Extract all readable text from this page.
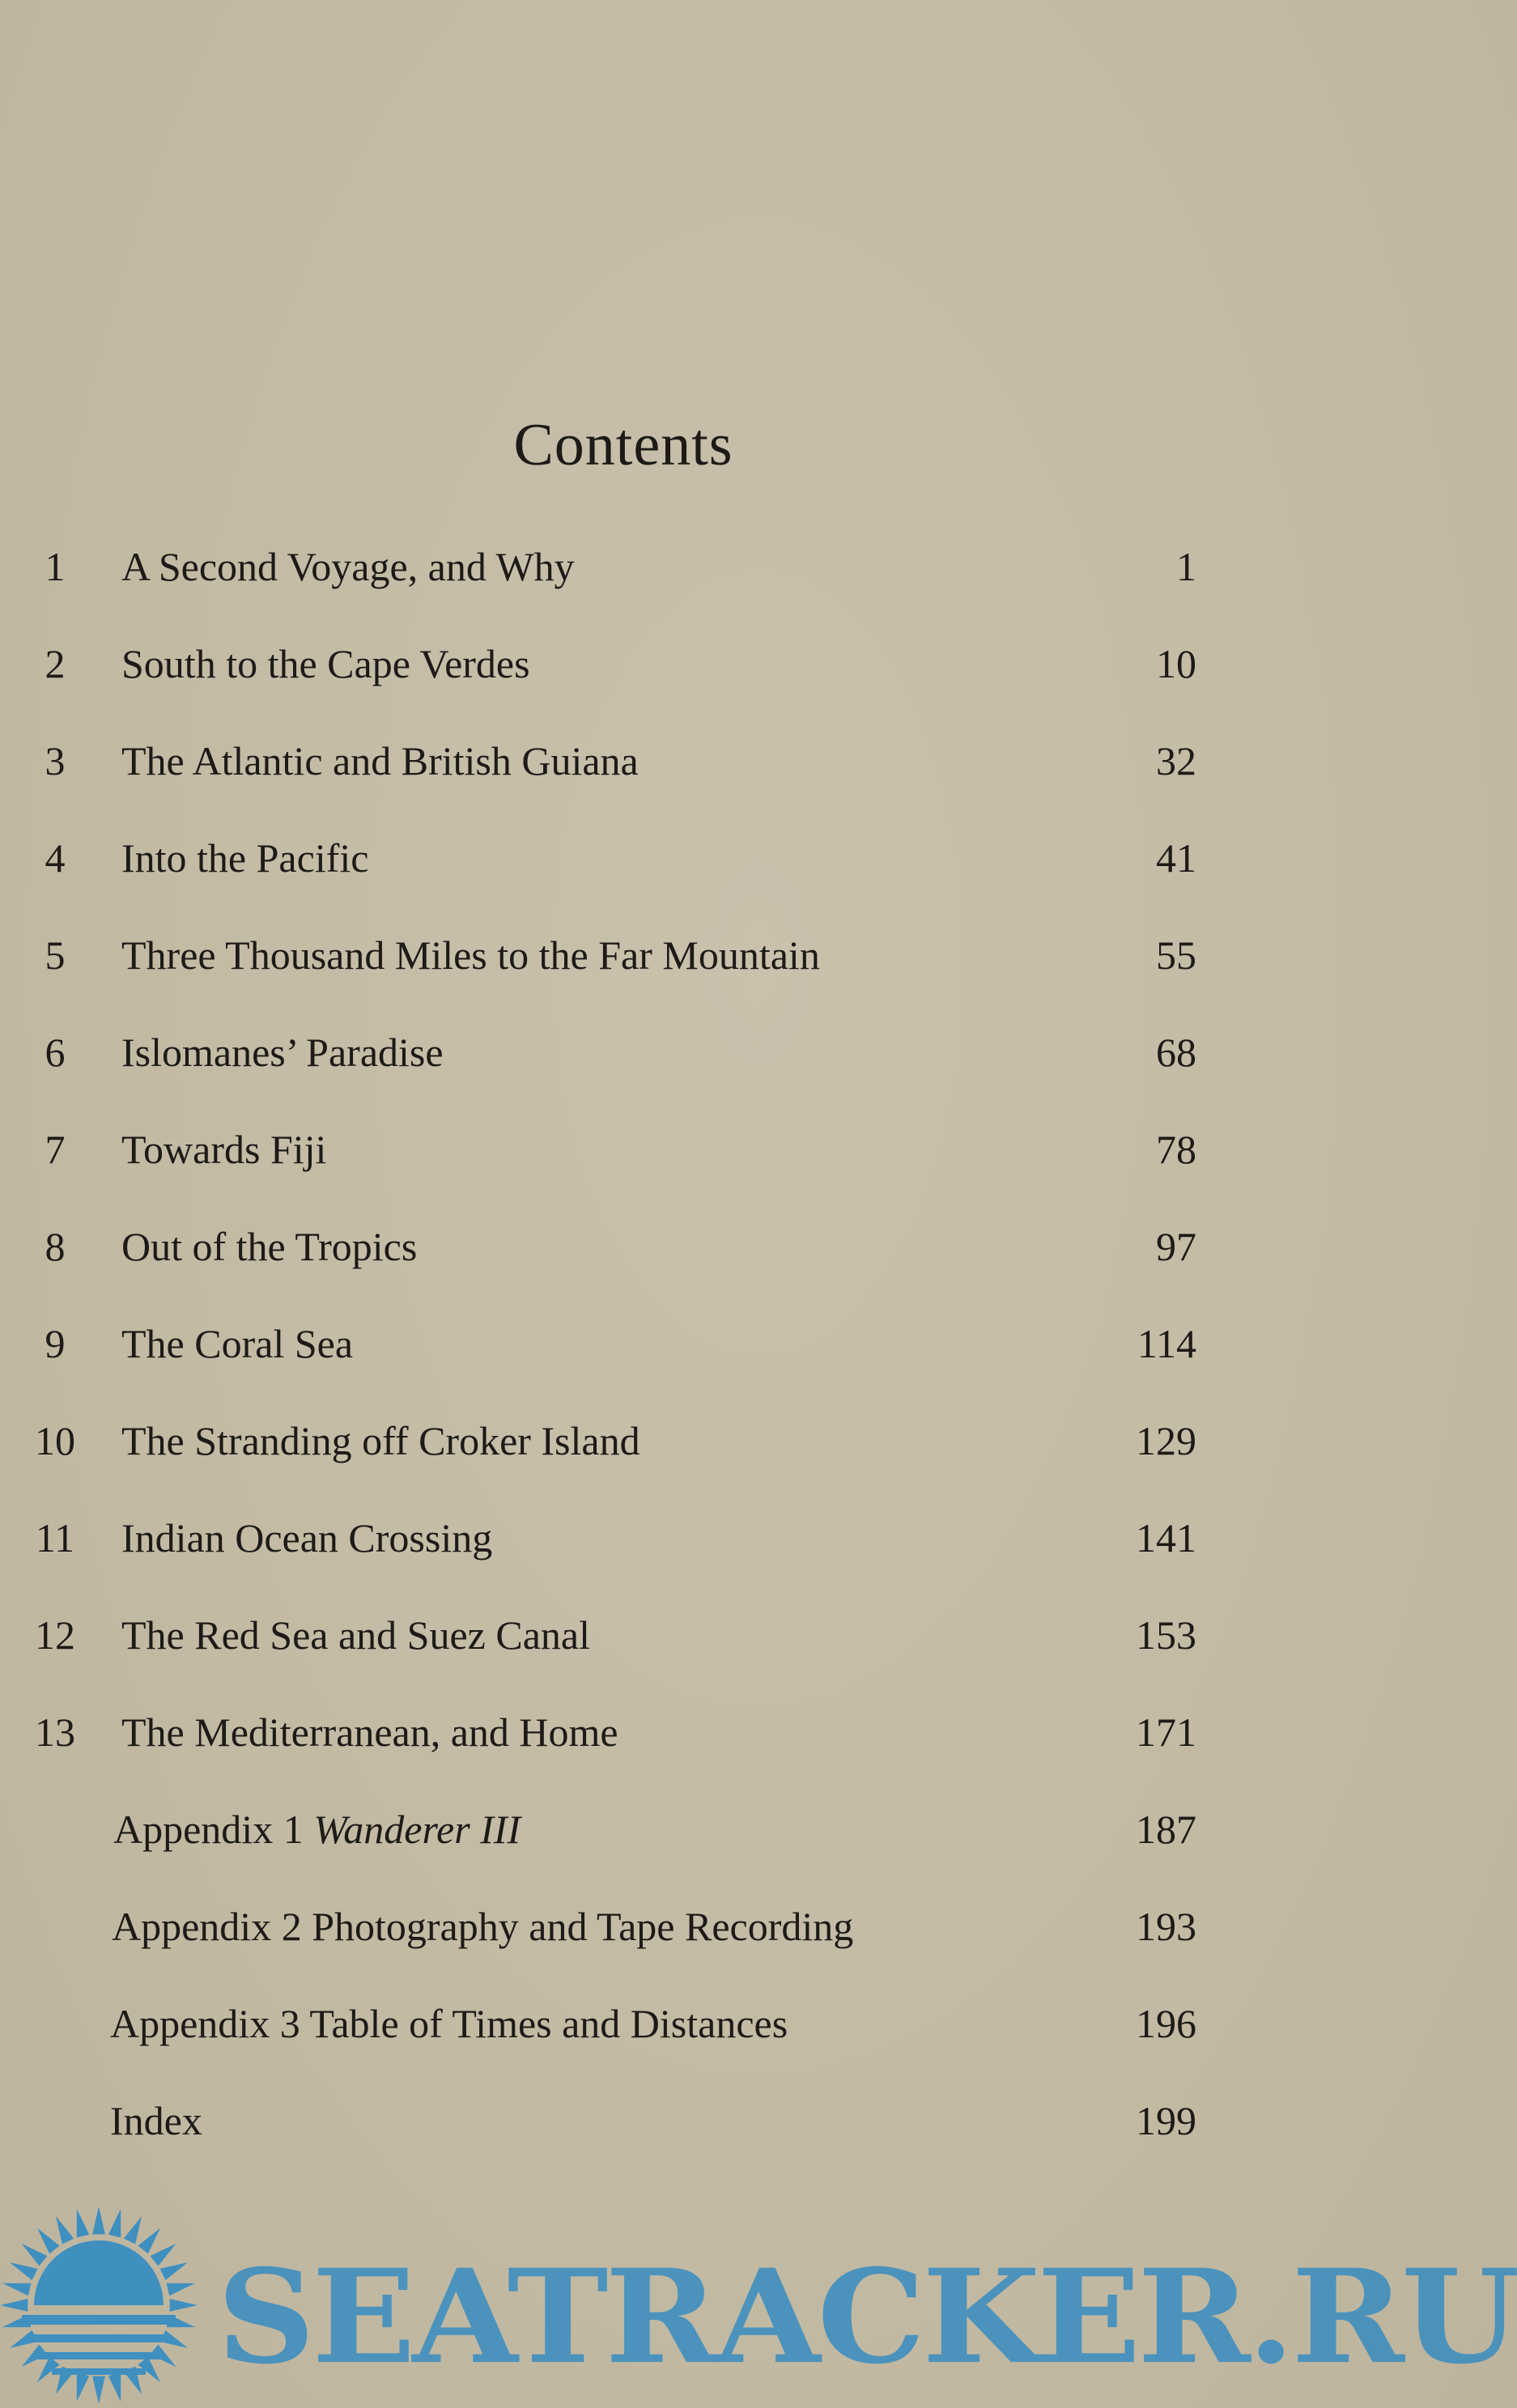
Contents
1	A Second Voyage, and Why	1
2	South to the Cape Verdes	10
3	The Atlantic and British Guiana	32
4	Into the Pacific	41
5	Three Thousand Miles to the Far Mountain	55
6	Islomanes’ Paradise	68
7	Towards Fiji	78
8	Out of the Tropics	97
9	The Coral Sea	114
10	The Stranding off Croker Island	129
11	Indian Ocean Crossing	141
12	The Red Sea and Suez Canal	153
13	The Mediterranean, and Home	171
Appendix 1 Wanderer III	187
Appendix 2 Photography and Tape Recording	193
Appendix 3 Table of Times and Distances	196
Index	199
SEATRACKER.RU
